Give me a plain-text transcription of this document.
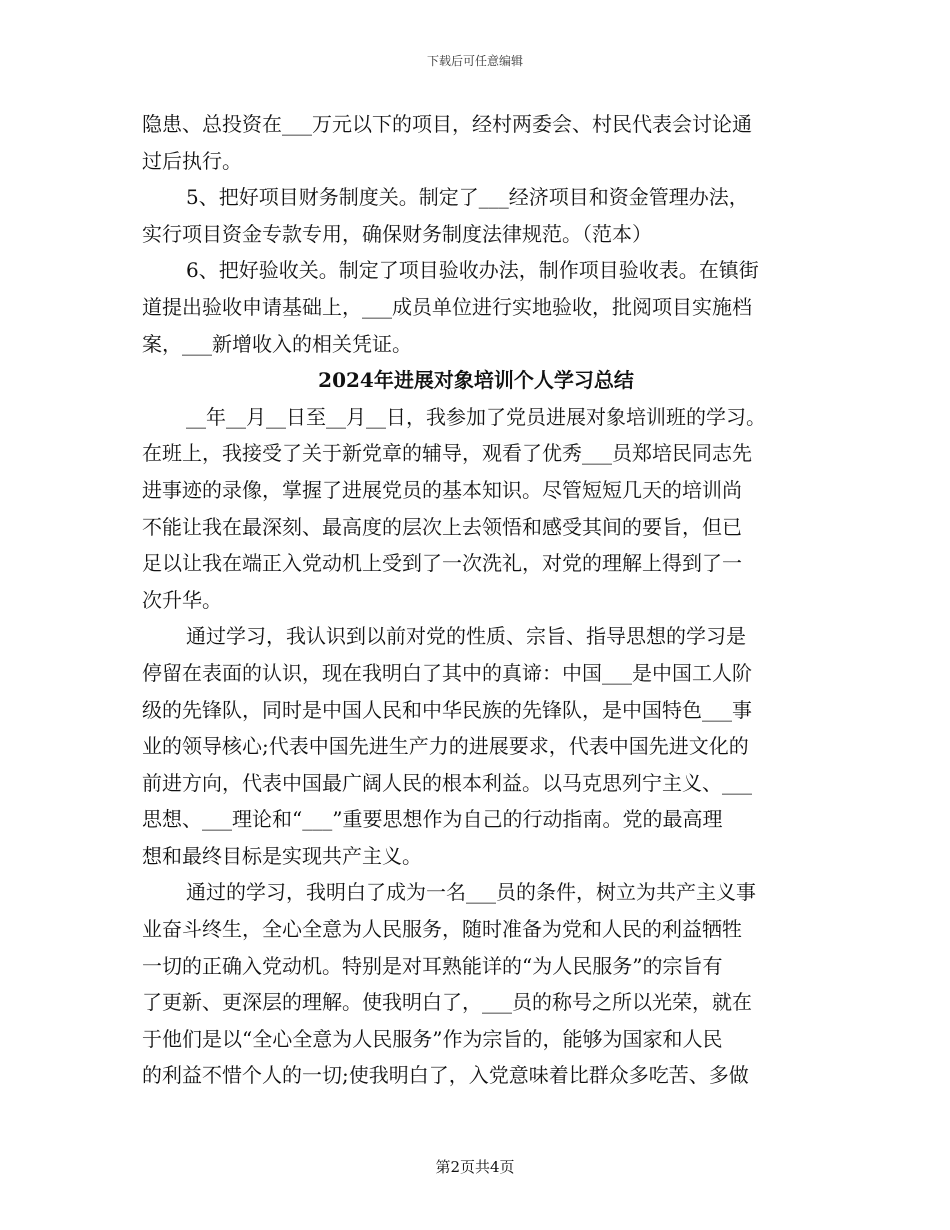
下载后可任意编辑
隐患、总投资在___万元以下的项目，经村两委会、村民代表会讨论通
过后执行。
5、把好项目财务制度关。制定了___经济项目和资金管理办法，
实行项目资金专款专用，确保财务制度法律规范。（范本）
6、把好验收关。制定了项目验收办法，制作项目验收表。在镇街
道提出验收申请基础上，___成员单位进行实地验收，批阅项目实施档
案，___新增收入的相关凭证。
2024年进展对象培训个人学习总结
__年__月__日至__月__日，我参加了党员进展对象培训班的学习。
在班上，我接受了关于新党章的辅导，观看了优秀___员郑培民同志先
进事迹的录像，掌握了进展党员的基本知识。尽管短短几天的培训尚
不能让我在最深刻、最高度的层次上去领悟和感受其间的要旨，但已
足以让我在端正入党动机上受到了一次洗礼，对党的理解上得到了一
次升华。
通过学习，我认识到以前对党的性质、宗旨、指导思想的学习是
停留在表面的认识，现在我明白了其中的真谛：中国___是中国工人阶
级的先锋队，同时是中国人民和中华民族的先锋队，是中国特色___事
业的领导核心;代表中国先进生产力的进展要求，代表中国先进文化的
前进方向，代表中国最广阔人民的根本利益。以马克思列宁主义、___
思想、___理论和“___”重要思想作为自己的行动指南。党的最高理
想和最终目标是实现共产主义。
通过的学习，我明白了成为一名___员的条件，树立为共产主义事
业奋斗终生，全心全意为人民服务，随时准备为党和人民的利益牺牲
一切的正确入党动机。特别是对耳熟能详的“为人民服务”的宗旨有
了更新、更深层的理解。使我明白了，___员的称号之所以光荣，就在
于他们是以“全心全意为人民服务”作为宗旨的，能够为国家和人民
的利益不惜个人的一切;使我明白了，入党意味着比群众多吃苦、多做
第2页共4页
